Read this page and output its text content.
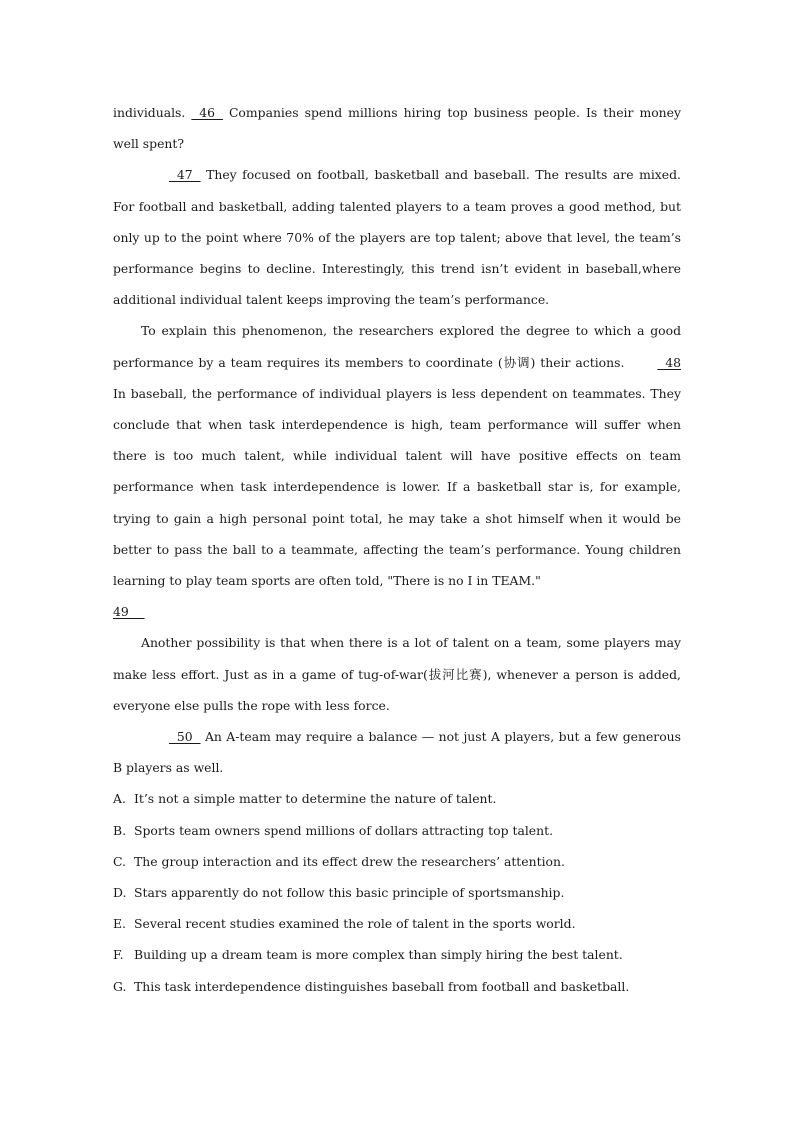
individuals.   46   Companies spend millions hiring top business people. Is their money well spent?

47   They focused on football, basketball and baseball. The results are mixed. For football and basketball, adding talented players to a team proves a good method, but only up to the point where 70% of the players are top talent; above that level, the team’s performance begins to decline. Interestingly, this trend isn’t evident in baseball,where additional individual talent keeps improving the team’s performance.

To explain this phenomenon, the researchers explored the degree to which a good performance by a team requires its members to coordinate (协调) their actions.   48 In baseball, the performance of individual players is less dependent on teammates. They conclude that when task interdependence is high, team performance will suffer when there is too much talent, while individual talent will have positive effects on team performance when task interdependence is lower. If a basketball star is, for example, trying to gain a high personal point total, he may take a shot himself when it would be better to pass the ball to a teammate, affecting the team’s performance. Young children learning to play team sports are often told, "There is no I in TEAM."

49

Another possibility is that when there is a lot of talent on a team, some players may make less effort. Just as in a game of tug-of-war(拔河比赛), whenever a person is added, everyone else pulls the rope with less force.

50   An A-team may require a balance — not just A players, but a few generous B players as well.

A. It’s not a simple matter to determine the nature of talent.

B. Sports team owners spend millions of dollars attracting top talent.

C. The group interaction and its effect drew the researchers’ attention.

D. Stars apparently do not follow this basic principle of sportsmanship.

E. Several recent studies examined the role of talent in the sports world.

F. Building up a dream team is more complex than simply hiring the best talent.

G. This task interdependence distinguishes baseball from football and basketball.
